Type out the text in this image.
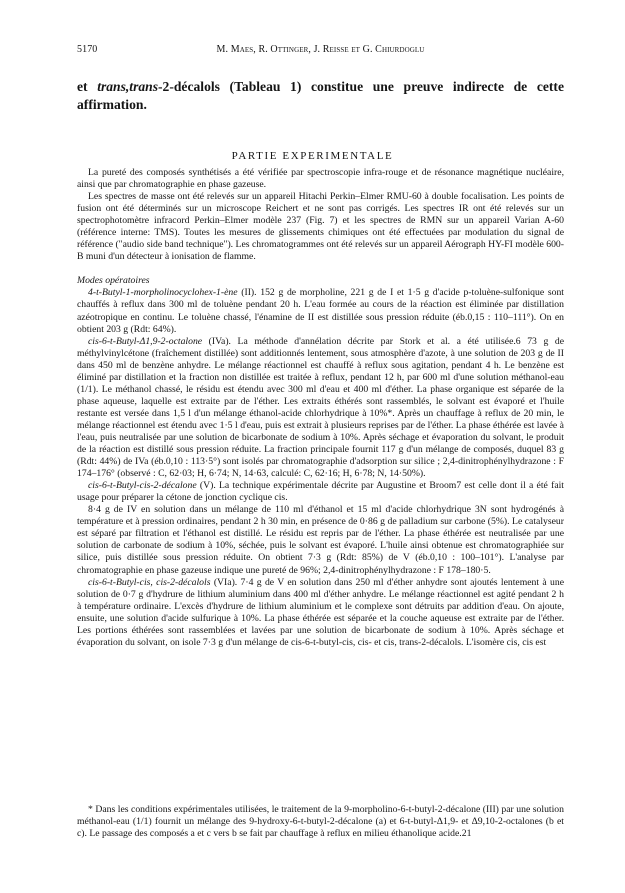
5170	M. Maes, R. Ottinger, J. Reisse et G. Chiurdoglu

et trans,trans-2-décalols (Tableau 1) constitue une preuve indirecte de cette affirmation.

PARTIE EXPERIMENTALE

La pureté des composés synthétisés a été vérifiée par spectroscopie infra-rouge et de résonance magnétique nucléaire, ainsi que par chromatographie en phase gazeuse.

Les spectres de masse ont été relevés sur un appareil Hitachi Perkin–Elmer RMU-60 à double focalisation. Les points de fusion ont été déterminés sur un microscope Reichert et ne sont pas corrigés. Les spectres IR ont été relevés sur un spectrophotomètre infracord Perkin–Elmer modèle 237 (Fig. 7) et les spectres de RMN sur un appareil Varian A-60 (référence interne: TMS). Toutes les mesures de glissements chimiques ont été effectuées par modulation du signal de référence ("audio side band technique"). Les chromatogrammes ont été relevés sur un appareil Aérograph HY-FI modèle 600-B muni d'un détecteur à ionisation de flamme.

Modes opératoires

4-t-Butyl-1-morpholinocyclohex-1-ène (II). 152 g de morpholine, 221 g de I et 1·5 g d'acide p-toluène-sulfonique sont chauffés à reflux dans 300 ml de toluène pendant 20 h. L'eau formée au cours de la réaction est éliminée par distillation azéotropique en continu. Le toluène chassé, l'énamine de II est distillée sous pression réduite (éb.0,15 : 110–111°). On en obtient 203 g (Rdt: 64%).

cis-6-t-Butyl-Δ1,9-2-octalone (IVa). La méthode d'annélation décrite par Stork et al. a été utilisée.6 73 g de méthylvinylcétone (fraîchement distillée) sont additionnés lentement, sous atmosphère d'azote, à une solution de 203 g de II dans 450 ml de benzène anhydre. Le mélange réactionnel est chauffé à reflux sous agitation, pendant 4 h. Le benzène est éliminé par distillation et la fraction non distillée est traitée à reflux, pendant 12 h, par 600 ml d'une solution méthanol-eau (1/1). Le méthanol chassé, le résidu est étendu avec 300 ml d'eau et 400 ml d'éther. La phase organique est séparée de la phase aqueuse, laquelle est extraite par de l'éther. Les extraits éthérés sont rassemblés, le solvant est évaporé et l'huile restante est versée dans 1,5 l d'un mélange éthanol-acide chlorhydrique à 10%*. Après un chauffage à reflux de 20 min, le mélange réactionnel est étendu avec 1·5 l d'eau, puis est extrait à plusieurs reprises par de l'éther. La phase éthérée est lavée à l'eau, puis neutralisée par une solution de bicarbonate de sodium à 10%. Après séchage et évaporation du solvant, le produit de la réaction est distillé sous pression réduite. La fraction principale fournit 117 g d'un mélange de composés, duquel 83 g (Rdt: 44%) de IVa (éb.0,10 : 113·5°) sont isolés par chromatographie d'adsorption sur silice ; 2,4-dinitrophénylhydrazone : F 174–176° (observé : C, 62·03; H, 6·74; N, 14·63, calculé: C, 62·16; H, 6·78; N, 14·50%).

cis-6-t-Butyl-cis-2-décalone (V). La technique expérimentale décrite par Augustine et Broom7 est celle dont il a été fait usage pour préparer la cétone de jonction cyclique cis.

8·4 g de IV en solution dans un mélange de 110 ml d'éthanol et 15 ml d'acide chlorhydrique 3N sont hydrogénés à température et à pression ordinaires, pendant 2 h 30 min, en présence de 0·86 g de palladium sur carbone (5%). Le catalyseur est séparé par filtration et l'éthanol est distillé. Le résidu est repris par de l'éther. La phase éthérée est neutralisée par une solution de carbonate de sodium à 10%, séchée, puis le solvant est évaporé. L'huile ainsi obtenue est chromatographiée sur silice, puis distillée sous pression réduite. On obtient 7·3 g (Rdt: 85%) de V (éb.0,10 : 100–101°). L'analyse par chromatographie en phase gazeuse indique une pureté de 96%; 2,4-dinitrophénylhydrazone : F 178–180·5.

cis-6-t-Butyl-cis, cis-2-décalols (VIa). 7·4 g de V en solution dans 250 ml d'éther anhydre sont ajoutés lentement à une solution de 0·7 g d'hydrure de lithium aluminium dans 400 ml d'éther anhydre. Le mélange réactionnel est agité pendant 2 h à température ordinaire. L'excès d'hydrure de lithium aluminium et le complexe sont détruits par addition d'eau. On ajoute, ensuite, une solution d'acide sulfurique à 10%. La phase éthérée est séparée et la couche aqueuse est extraite par de l'éther. Les portions éthérées sont rassemblées et lavées par une solution de bicarbonate de sodium à 10%. Après séchage et évaporation du solvant, on isole 7·3 g d'un mélange de cis-6-t-butyl-cis, cis- et cis, trans-2-décalols. L'isomère cis, cis est

* Dans les conditions expérimentales utilisées, le traitement de la 9-morpholino-6-t-butyl-2-décalone (III) par une solution méthanol-eau (1/1) fournit un mélange des 9-hydroxy-6-t-butyl-2-décalone (a) et 6-t-butyl-Δ1,9- et Δ9,10-2-octalones (b et c). Le passage des composés a et c vers b se fait par chauffage à reflux en milieu éthanolique acide.21
